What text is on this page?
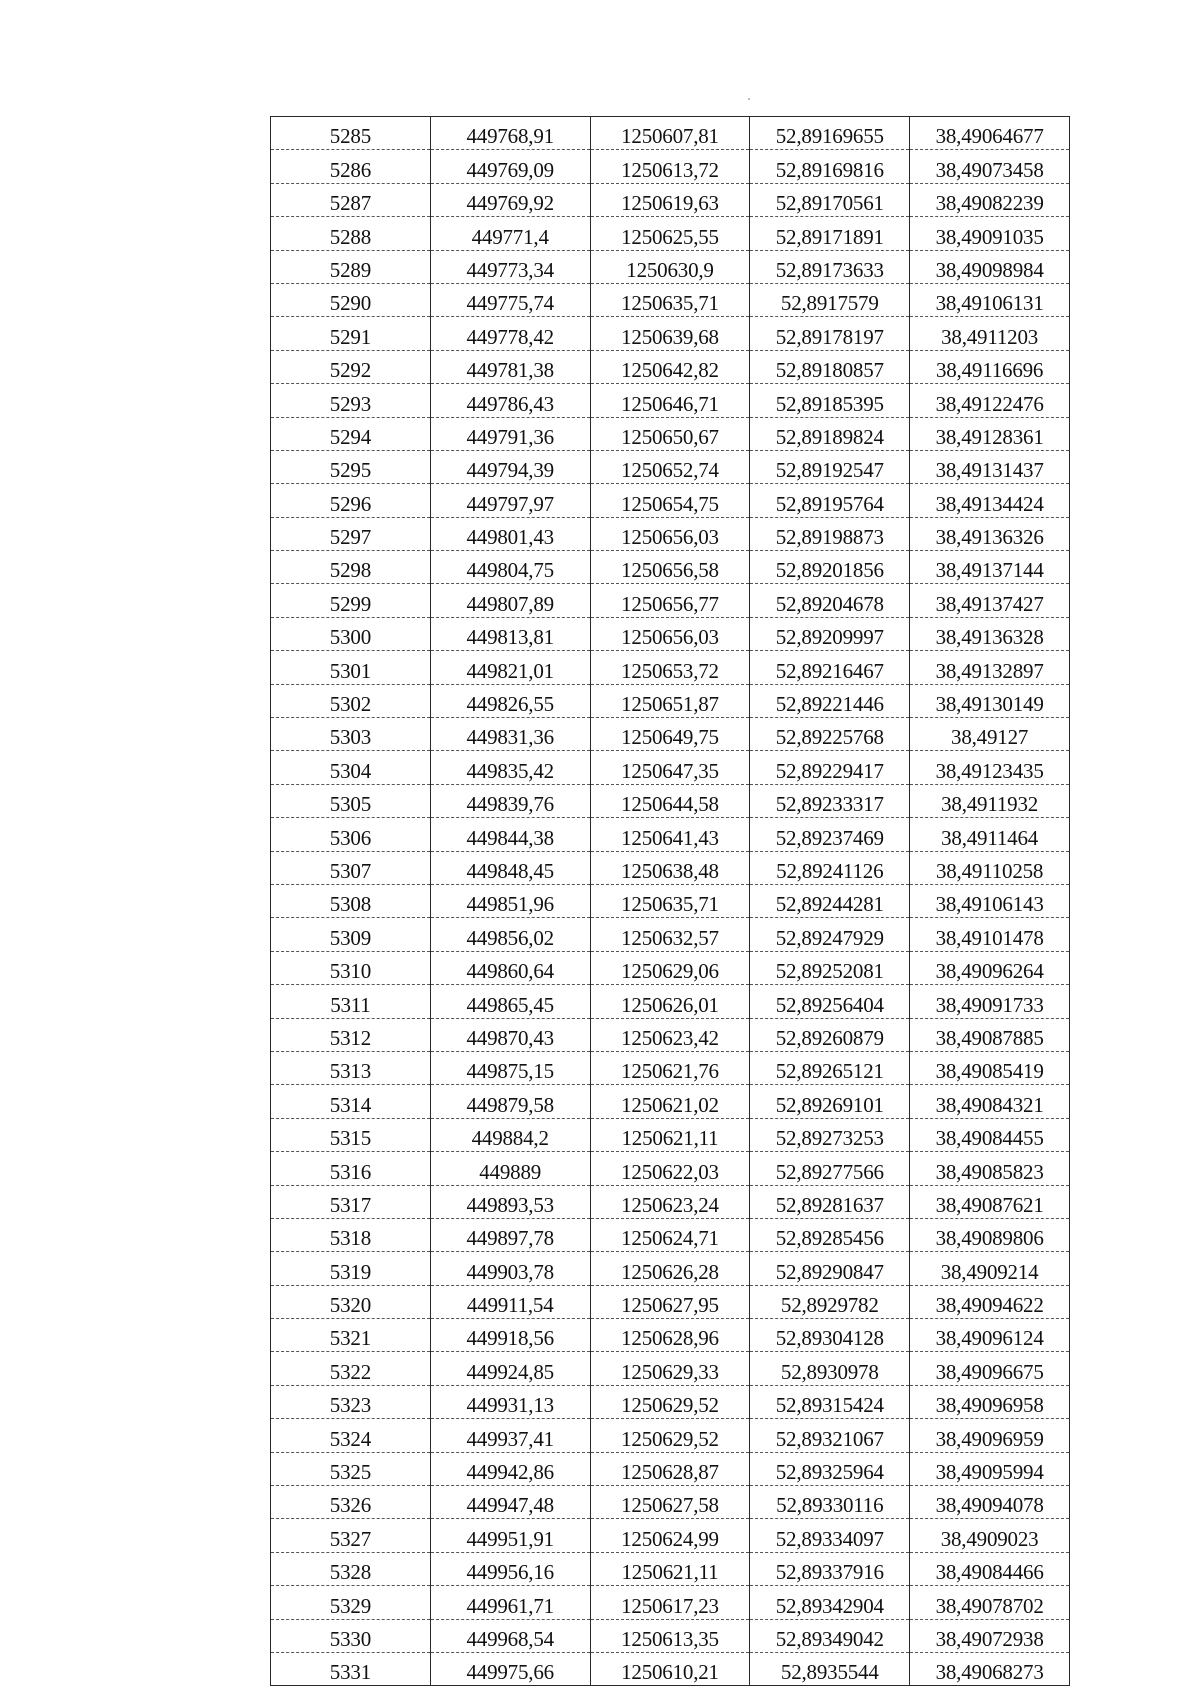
5285	449768,91	1250607,81	52,89169655	38,49064677
5286	449769,09	1250613,72	52,89169816	38,49073458
5287	449769,92	1250619,63	52,89170561	38,49082239
5288	449771,4	1250625,55	52,89171891	38,49091035
5289	449773,34	1250630,9	52,89173633	38,49098984
5290	449775,74	1250635,71	52,8917579	38,49106131
5291	449778,42	1250639,68	52,89178197	38,4911203
5292	449781,38	1250642,82	52,89180857	38,49116696
5293	449786,43	1250646,71	52,89185395	38,49122476
5294	449791,36	1250650,67	52,89189824	38,49128361
5295	449794,39	1250652,74	52,89192547	38,49131437
5296	449797,97	1250654,75	52,89195764	38,49134424
5297	449801,43	1250656,03	52,89198873	38,49136326
5298	449804,75	1250656,58	52,89201856	38,49137144
5299	449807,89	1250656,77	52,89204678	38,49137427
5300	449813,81	1250656,03	52,89209997	38,49136328
5301	449821,01	1250653,72	52,89216467	38,49132897
5302	449826,55	1250651,87	52,89221446	38,49130149
5303	449831,36	1250649,75	52,89225768	38,49127
5304	449835,42	1250647,35	52,89229417	38,49123435
5305	449839,76	1250644,58	52,89233317	38,4911932
5306	449844,38	1250641,43	52,89237469	38,4911464
5307	449848,45	1250638,48	52,89241126	38,49110258
5308	449851,96	1250635,71	52,89244281	38,49106143
5309	449856,02	1250632,57	52,89247929	38,49101478
5310	449860,64	1250629,06	52,89252081	38,49096264
5311	449865,45	1250626,01	52,89256404	38,49091733
5312	449870,43	1250623,42	52,89260879	38,49087885
5313	449875,15	1250621,76	52,89265121	38,49085419
5314	449879,58	1250621,02	52,89269101	38,49084321
5315	449884,2	1250621,11	52,89273253	38,49084455
5316	449889	1250622,03	52,89277566	38,49085823
5317	449893,53	1250623,24	52,89281637	38,49087621
5318	449897,78	1250624,71	52,89285456	38,49089806
5319	449903,78	1250626,28	52,89290847	38,4909214
5320	449911,54	1250627,95	52,8929782	38,49094622
5321	449918,56	1250628,96	52,89304128	38,49096124
5322	449924,85	1250629,33	52,8930978	38,49096675
5323	449931,13	1250629,52	52,89315424	38,49096958
5324	449937,41	1250629,52	52,89321067	38,49096959
5325	449942,86	1250628,87	52,89325964	38,49095994
5326	449947,48	1250627,58	52,89330116	38,49094078
5327	449951,91	1250624,99	52,89334097	38,4909023
5328	449956,16	1250621,11	52,89337916	38,49084466
5329	449961,71	1250617,23	52,89342904	38,49078702
5330	449968,54	1250613,35	52,89349042	38,49072938
5331	449975,66	1250610,21	52,8935544	38,49068273
